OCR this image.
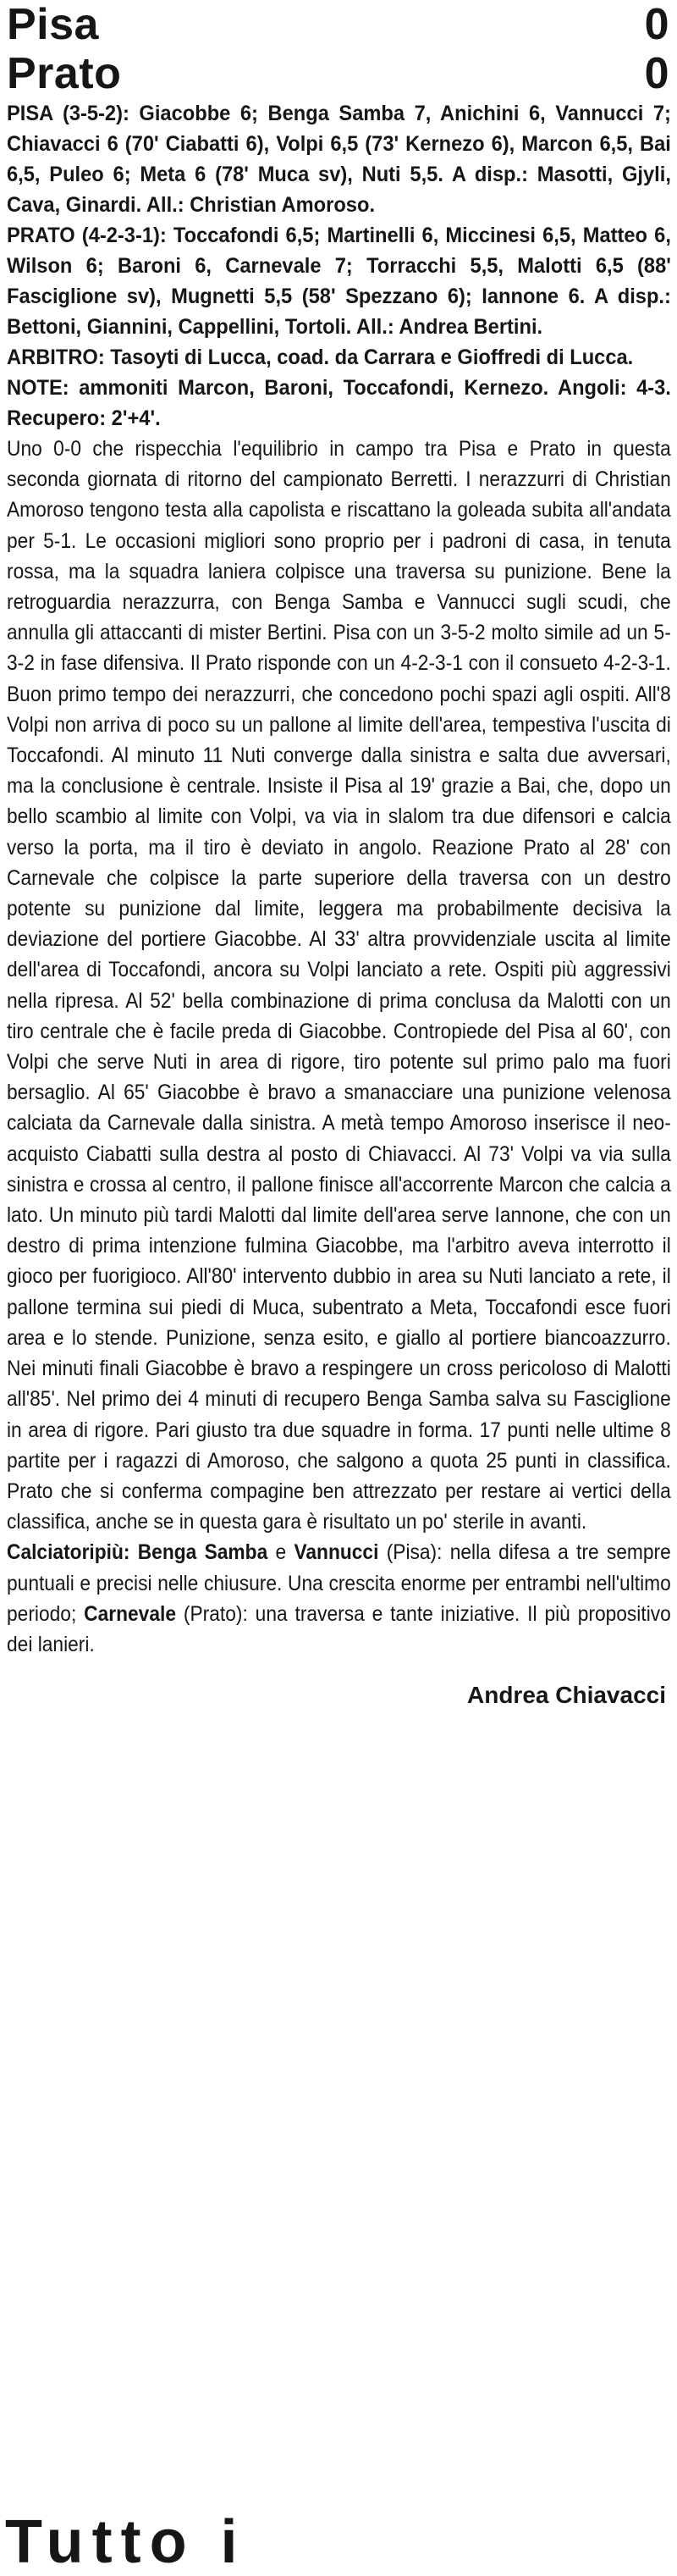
Pisa	0
Prato	0

PISA (3-5-2): Giacobbe 6; Benga Samba 7, Anichini 6, Vannucci 7; Chiavacci 6 (70' Ciabatti 6), Volpi 6,5 (73' Kernezo 6), Marcon 6,5, Bai 6,5, Puleo 6; Meta 6 (78' Muca sv), Nuti 5,5. A disp.: Masotti, Gjyli, Cava, Ginardi. All.: Christian Amoroso.

PRATO (4-2-3-1): Toccafondi 6,5; Martinelli 6, Miccinesi 6,5, Matteo 6, Wilson 6; Baroni 6, Carnevale 7; Torracchi 5,5, Malotti 6,5 (88' Fasciglione sv), Mugnetti 5,5 (58' Spezzano 6); Iannone 6. A disp.: Bettoni, Giannini, Cappellini, Tortoli. All.: Andrea Bertini.

ARBITRO: Tasoyti di Lucca, coad. da Carrara e Gioffredi di Lucca.

NOTE: ammoniti Marcon, Baroni, Toccafondi, Kernezo. Angoli: 4-3. Recupero: 2'+4'.

Uno 0-0 che rispecchia l'equilibrio in campo tra Pisa e Prato in questa seconda giornata di ritorno del campionato Berretti. I nerazzurri di Christian Amoroso tengono testa alla capolista e riscattano la goleada subita all'andata per 5-1. Le occasioni migliori sono proprio per i padroni di casa, in tenuta rossa, ma la squadra laniera colpisce una traversa su punizione. Bene la retroguardia nerazzurra, con Benga Samba e Vannucci sugli scudi, che annulla gli attaccanti di mister Bertini. Pisa con un 3-5-2 molto simile ad un 5-3-2 in fase difensiva. Il Prato risponde con un 4-2-3-1 con il consueto 4-2-3-1. Buon primo tempo dei nerazzurri, che concedono pochi spazi agli ospiti. All'8 Volpi non arriva di poco su un pallone al limite dell'area, tempestiva l'uscita di Toccafondi. Al minuto 11 Nuti converge dalla sinistra e salta due avversari, ma la conclusione è centrale. Insiste il Pisa al 19' grazie a Bai, che, dopo un bello scambio al limite con Volpi, va via in slalom tra due difensori e calcia verso la porta, ma il tiro è deviato in angolo. Reazione Prato al 28' con Carnevale che colpisce la parte superiore della traversa con un destro potente su punizione dal limite, leggera ma probabilmente decisiva la deviazione del portiere Giacobbe. Al 33' altra provvidenziale uscita al limite dell'area di Toccafondi, ancora su Volpi lanciato a rete. Ospiti più aggressivi nella ripresa. Al 52' bella combinazione di prima conclusa da Malotti con un tiro centrale che è facile preda di Giacobbe. Contropiede del Pisa al 60', con Volpi che serve Nuti in area di rigore, tiro potente sul primo palo ma fuori bersaglio. Al 65' Giacobbe è bravo a smanacciare una punizione velenosa calciata da Carnevale dalla sinistra. A metà tempo Amoroso inserisce il neo-acquisto Ciabatti sulla destra al posto di Chiavacci. Al 73' Volpi va via sulla sinistra e crossa al centro, il pallone finisce all'accorrente Marcon che calcia a lato. Un minuto più tardi Malotti dal limite dell'area serve Iannone, che con un destro di prima intenzione fulmina Giacobbe, ma l'arbitro aveva interrotto il gioco per fuorigioco. All'80' intervento dubbio in area su Nuti lanciato a rete, il pallone termina sui piedi di Muca, subentrato a Meta, Toccafondi esce fuori area e lo stende. Punizione, senza esito, e giallo al portiere biancoazzurro. Nei minuti finali Giacobbe è bravo a respingere un cross pericoloso di Malotti all'85'. Nel primo dei 4 minuti di recupero Benga Samba salva su Fasciglione in area di rigore. Pari giusto tra due squadre in forma. 17 punti nelle ultime 8 partite per i ragazzi di Amoroso, che salgono a quota 25 punti in classifica. Prato che si conferma compagine ben attrezzato per restare ai vertici della classifica, anche se in questa gara è risultato un po' sterile in avanti.

Calciatoripiù: Benga Samba e Vannucci (Pisa): nella difesa a tre sempre puntuali e precisi nelle chiusure. Una crescita enorme per entrambi nell'ultimo periodo; Carnevale (Prato): una traversa e tante iniziative. Il più propositivo dei lanieri.

Andrea Chiavacci
Tutto i
